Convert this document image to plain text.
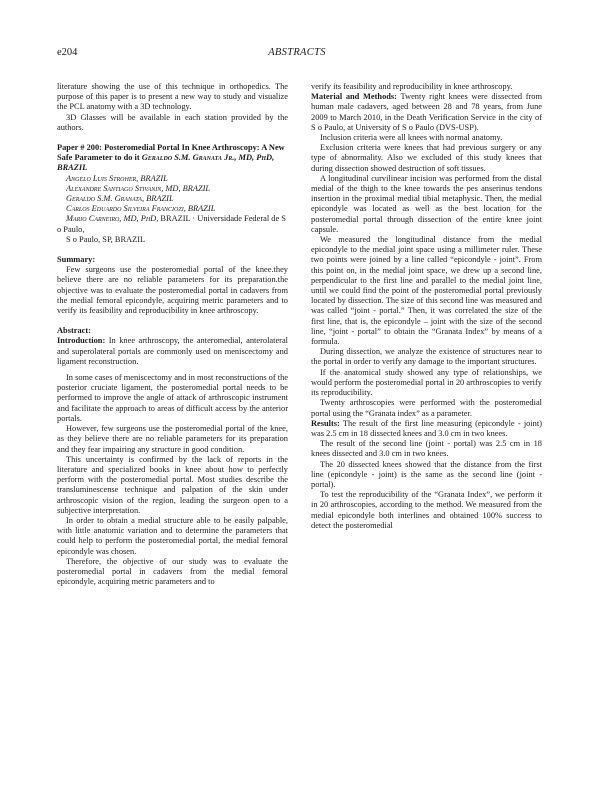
e204	ABSTRACTS

literature showing the use of this technique in orthopedics. The purpose of this paper is to present a new way to study and visualize the PCL anatomy with a 3D technology.

3D Glasses will be available in each station provided by the authors.

Paper # 200: Posteromedial Portal In Knee Arthroscopy: A New Safe Parameter to do it Geraldo S.M. Granata Jr., MD, PhD, BRAZIL

Angelo Luis Stroher, BRAZIL

Alexandre Santiago Stivanin, MD, BRAZIL

Geraldo S.M. Granata, BRAZIL

Carlos Eduardo Silveira Franciozi, BRAZIL

Mario Carneiro, MD, PhD, BRAZIL · Universidade Federal de S o Paulo,

S o Paulo, SP, BRAZIL

Summary:

Few surgeons use the posteromedial portal of the knee.they believe there are no reliable parameters for its preparation.the objective was to evaluate the posteromedial portal in cadavers from the medial femoral epicondyle, acquiring metric parameters and to verify its feasibility and reproducibility in knee arthroscopy.

Abstract:

Introduction: In knee arthroscopy, the anteromedial, anterolateral and superolateral portals are commonly used on meniscectomy and ligament reconstruction.

In some cases of meniscectomy and in most reconstructions of the posterior cruciate ligament, the posteromedial portal needs to be performed to improve the angle of attack of arthroscopic instrument and facilitate the approach to areas of difficult access by the anterior portals.

However, few surgeons use the posteromedial portal of the knee, as they believe there are no reliable parameters for its preparation and they fear impairing any structure in good condition.

This uncertainty is confirmed by the lack of reports in the literature and specialized books in knee about how to perfectly perform with the posteromedial portal. Most studies describe the transluminescense technique and palpation of the skin under arthroscopic vision of the region, leading the surgeon open to a subjective interpretation.

In order to obtain a medial structure able to be easily palpable, with little anatomic variation and to determine the parameters that could help to perform the posteromedial portal, the medial femoral epicondyle was chosen.

Therefore, the objective of our study was to evaluate the posteromedial portal in cadavers from the medial femoral epicondyle, acquiring metric parameters and to

verify its feasibility and reproducibility in knee arthroscopy.

Material and Methods: Twenty right knees were dissected from human male cadavers, aged between 28 and 78 years, from June 2009 to March 2010, in the Death Verification Service in the city of S o Paulo, at University of S o Paulo (DVS-USP).

Inclusion criteria were all knees with normal anatomy.

Exclusion criteria were knees that had previous surgery or any type of abnormality. Also we excluded of this study knees that during dissection showed destruction of soft tissues.

A longitudinal curvilinear incision was performed from the distal medial of the thigh to the knee towards the pes anserinus tendons insertion in the proximal medial tibial metaphysic. Then, the medial epicondyle was located as well as the best location for the posteromedial portal through dissection of the entire knee joint capsule.

We measured the longitudinal distance from the medial epicondyle to the medial joint space using a millimeter ruler. These two points were joined by a line called “epicondyle - joint”. From this point on, in the medial joint space, we drew up a second line, perpendicular to the first line and parallel to the medial joint line, until we could find the point of the posteromedial portal previously located by dissection. The size of this second line was measured and was called “joint - portal.” Then, it was correlated the size of the first line, that is, the epicondyle – joint with the size of the second line, “joint - portal” to obtain the “Granata Index” by means of a formula.

During dissection, we analyze the existence of structures near to the portal in order to verify any damage to the important structures.

If the anatomical study showed any type of relationships, we would perform the posteromedial portal in 20 arthroscopies to verify its reproducibility.

Twenty arthroscopies were performed with the posteromedial portal using the “Granata index” as a parameter.

Results: The result of the first line measuring (epicondyle - joint) was 2.5 cm in 18 dissected knees and 3.0 cm in two knees.

The result of the second line (joint - portal) was 2.5 cm in 18 knees dissected and 3.0 cm in two knees.

The 20 dissected knees showed that the distance from the first line (epicondyle - joint) is the same as the second line (joint - portal).

To test the reproducibility of the “Granata Index”, we perform it in 20 arthroscopies, according to the method. We measured from the medial epicondyle both interlines and obtained 100% success to detect the posteromedial
